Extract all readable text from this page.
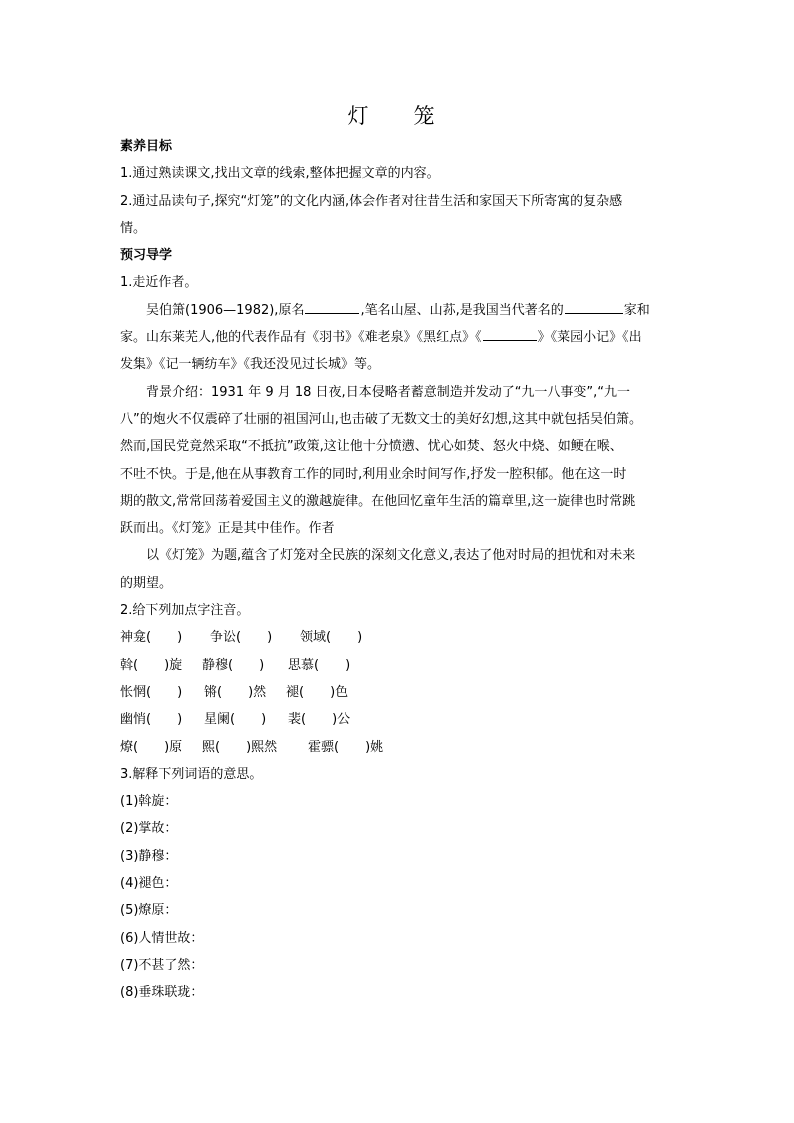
灯　笼
素养目标
1.通过熟读课文,找出文章的线索,整体把握文章的内容。
2.通过品读句子,探究“灯笼”的文化内涵,体会作者对往昔生活和家国天下所寄寓的复杂感
情。
预习导学
1.走近作者。
吴伯箫(1906—1982),原名	,笔名山屋、山荪,是我国当代著名的	家和
家。山东莱芜人,他的代表作品有《羽书》《难老泉》《黑红点》《	》《菜园小记》《出
发集》《记一辆纺车》《我还没见过长城》等。
背景介绍：1931 年 9 月 18 日夜,日本侵略者蓄意制造并发动了“九一八事变”,“九一
八”的炮火不仅震碎了壮丽的祖国河山,也击破了无数文士的美好幻想,这其中就包括吴伯箫。
然而,国民党竟然采取“不抵抗”政策,这让他十分愤懑、忧心如焚、怒火中烧、如鲠在喉、
不吐不快。于是,他在从事教育工作的同时,利用业余时间写作,抒发一腔积郁。他在这一时
期的散文,常常回荡着爱国主义的激越旋律。在他回忆童年生活的篇章里,这一旋律也时常跳
跃而出。《灯笼》正是其中佳作。作者
以《灯笼》为题,蕴含了灯笼对全民族的深刻文化意义,表达了他对时局的担忧和对未来
的期望。
2.给下列加点字注音。
神龛(　　) 争讼(　　) 领域(　　)
斡(　　)旋 静穆(　　) 思慕(　　)
怅惘(　　) 锵(　　)然 褪(　　)色
幽悄(　　) 星阑(　　) 裴(　　)公
燎(　　)原 熙(　　)熙然 霍骠(　　)姚
3.解释下列词语的意思。
(1)斡旋：
(2)掌故：
(3)静穆：
(4)褪色：
(5)燎原：
(6)人情世故：
(7)不甚了然：
(8)垂珠联珑：
